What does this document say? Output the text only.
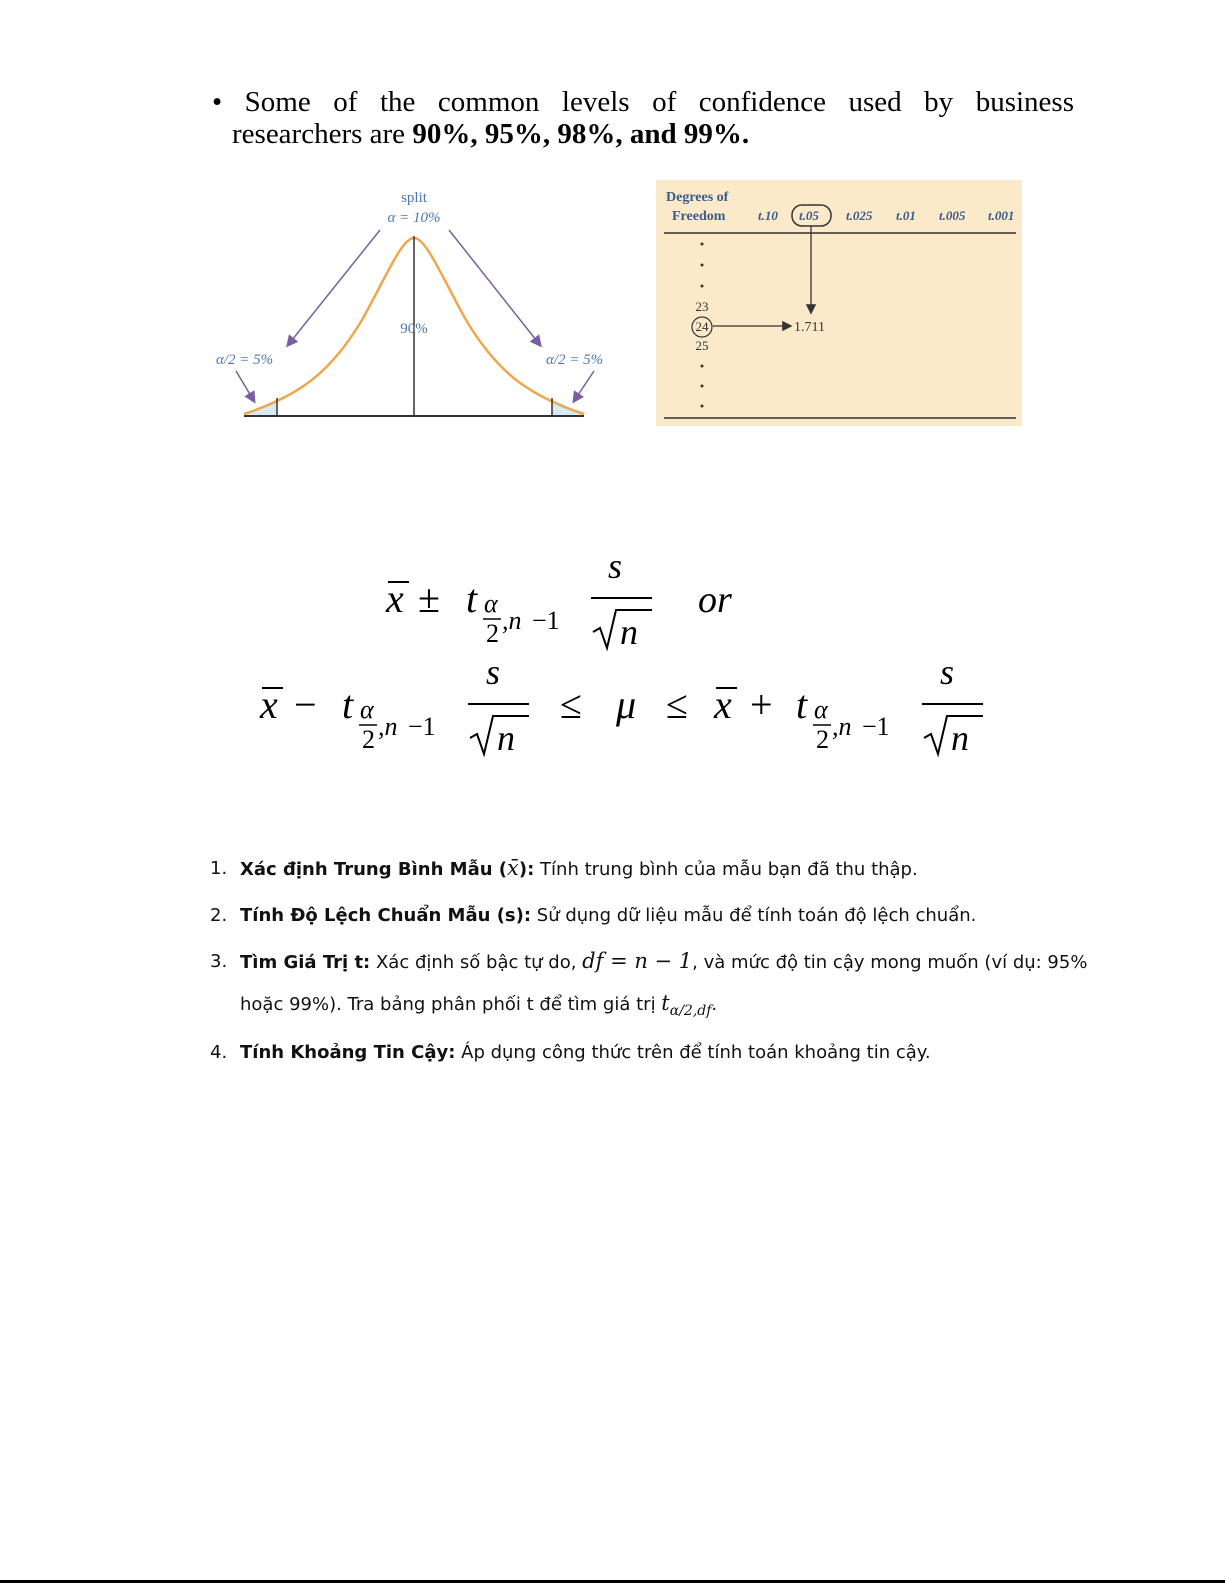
• Some of the common levels of confidence used by business
researchers are 90%, 95%, 98%, and 99%.
split
α = 10%
90%
α/2 = 5%	α/2 = 5%
Degrees of
Freedom	t.10 t.05 t.025 t.01 t.005 t.001
23
24
25
1.711
x ± t α
2 ,n −1
s
n
or
x − t α
2 ,n −1
s
n
≤ μ ≤ x + t α
2 ,n −1
s
n
1. Xác định Trung Bình Mẫu (x̄): Tính trung bình của mẫu bạn đã thu thập.
2. Tính Độ Lệch Chuẩn Mẫu (s): Sử dụng dữ liệu mẫu để tính toán độ lệch chuẩn.
3. Tìm Giá Trị t: Xác định số bậc tự do, df = n − 1, và mức độ tin cậy mong muốn (ví dụ: 95%
hoặc 99%). Tra bảng phân phối t để tìm giá trị $t_{\alpha/2,df}$.
4. Tính Khoảng Tin Cậy: Áp dụng công thức trên để tính toán khoảng tin cậy.
